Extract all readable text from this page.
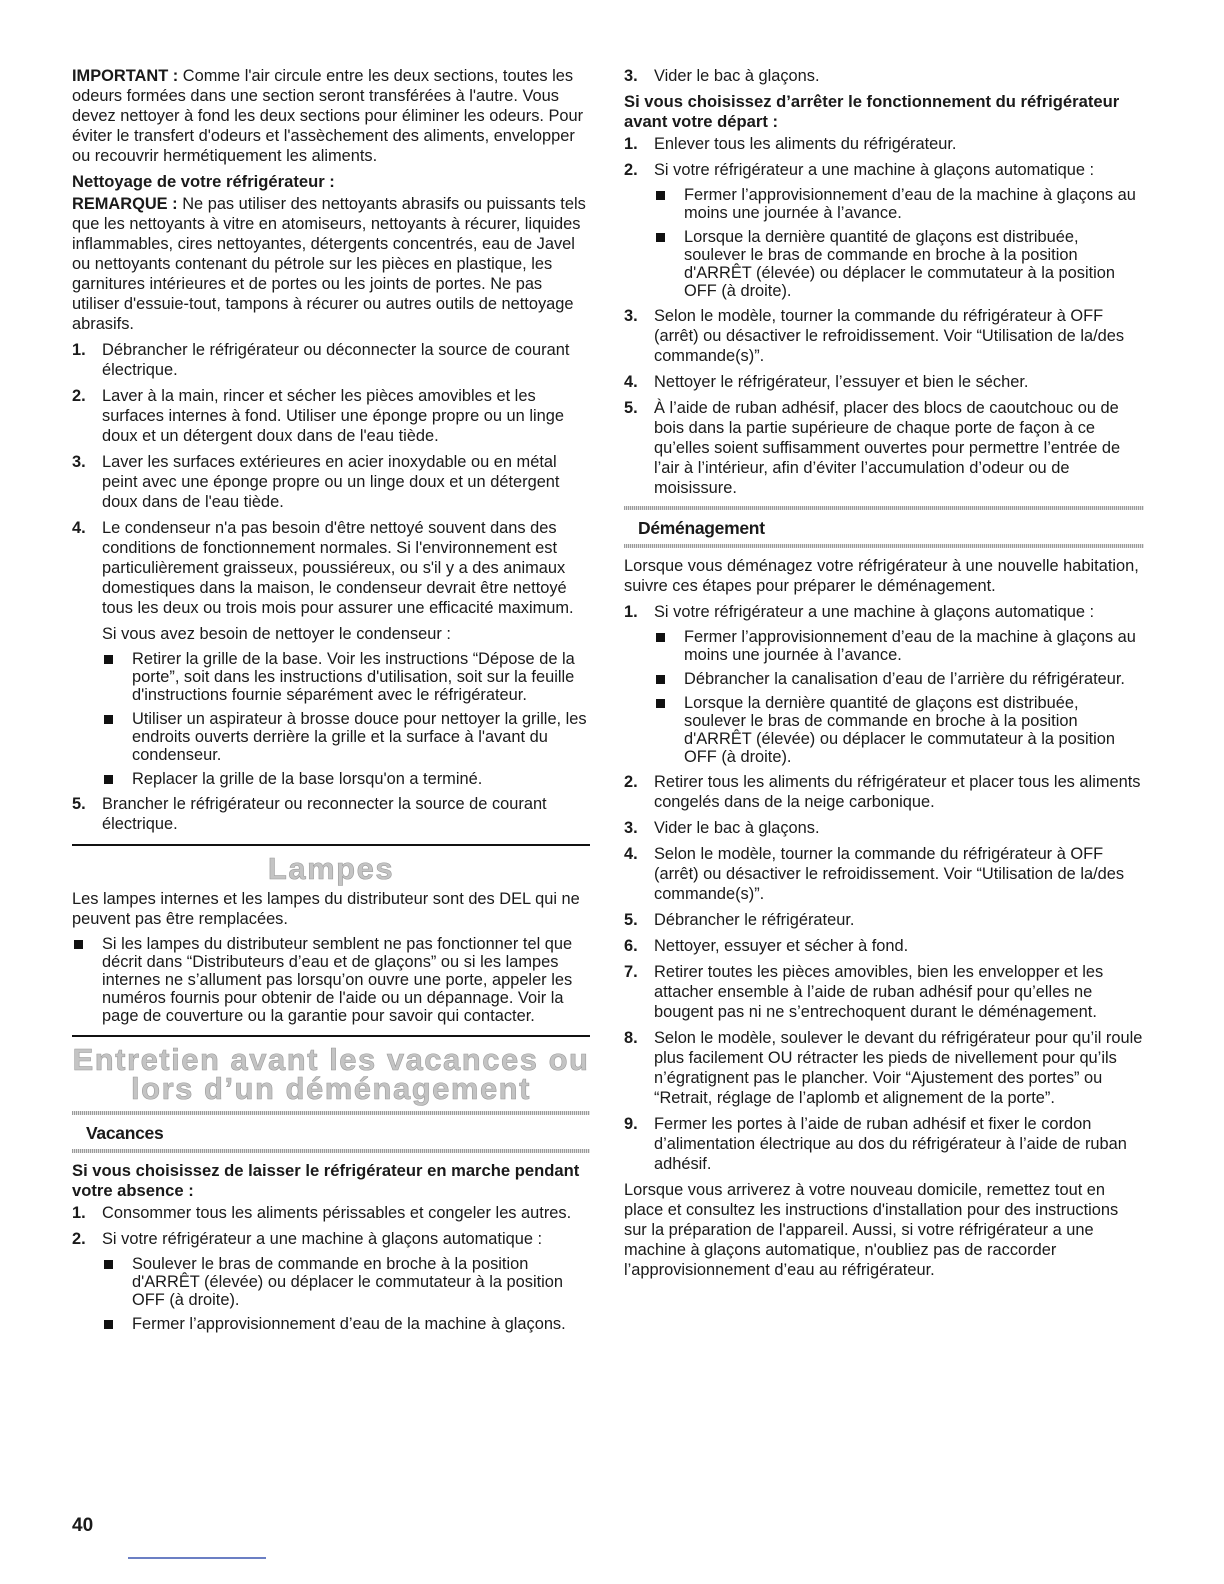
IMPORTANT : Comme l'air circule entre les deux sections, toutes les odeurs formées dans une section seront transférées à l'autre. Vous devez nettoyer à fond les deux sections pour éliminer les odeurs. Pour éviter le transfert d'odeurs et l'assèchement des aliments, envelopper ou recouvrir hermétiquement les aliments.
Nettoyage de votre réfrigérateur :
REMARQUE : Ne pas utiliser des nettoyants abrasifs ou puissants tels que les nettoyants à vitre en atomiseurs, nettoyants à récurer, liquides inflammables, cires nettoyantes, détergents concentrés, eau de Javel ou nettoyants contenant du pétrole sur les pièces en plastique, les garnitures intérieures et de portes ou les joints de portes. Ne pas utiliser d'essuie-tout, tampons à récurer ou autres outils de nettoyage abrasifs.
1. Débrancher le réfrigérateur ou déconnecter la source de courant électrique.
2. Laver à la main, rincer et sécher les pièces amovibles et les surfaces internes à fond. Utiliser une éponge propre ou un linge doux et un détergent doux dans de l'eau tiède.
3. Laver les surfaces extérieures en acier inoxydable ou en métal peint avec une éponge propre ou un linge doux et un détergent doux dans de l'eau tiède.
4. Le condenseur n'a pas besoin d'être nettoyé souvent dans des conditions de fonctionnement normales. Si l'environnement est particulièrement graisseux, poussiéreux, ou s'il y a des animaux domestiques dans la maison, le condenseur devrait être nettoyé tous les deux ou trois mois pour assurer une efficacité maximum.
Si vous avez besoin de nettoyer le condenseur :
Retirer la grille de la base. Voir les instructions “Dépose de la porte”, soit dans les instructions d'utilisation, soit sur la feuille d'instructions fournie séparément avec le réfrigérateur.
Utiliser un aspirateur à brosse douce pour nettoyer la grille, les endroits ouverts derrière la grille et la surface à l'avant du condenseur.
Replacer la grille de la base lorsqu'on a terminé.
5. Brancher le réfrigérateur ou reconnecter la source de courant électrique.
Lampes
Les lampes internes et les lampes du distributeur sont des DEL qui ne peuvent pas être remplacées.
Si les lampes du distributeur semblent ne pas fonctionner tel que décrit dans “Distributeurs d’eau et de glaçons” ou si les lampes internes ne s’allument pas lorsqu’on ouvre une porte, appeler les numéros fournis pour obtenir de l'aide ou un dépannage. Voir la page de couverture ou la garantie pour savoir qui contacter.
Entretien avant les vacances ou lors d’un déménagement
Vacances
Si vous choisissez de laisser le réfrigérateur en marche pendant votre absence :
1. Consommer tous les aliments périssables et congeler les autres.
2. Si votre réfrigérateur a une machine à glaçons automatique :
Soulever le bras de commande en broche à la position d'ARRÊT (élevée) ou déplacer le commutateur à la position OFF (à droite).
Fermer l’approvisionnement d’eau de la machine à glaçons.
3. Vider le bac à glaçons.
Si vous choisissez d’arrêter le fonctionnement du réfrigérateur avant votre départ :
1. Enlever tous les aliments du réfrigérateur.
2. Si votre réfrigérateur a une machine à glaçons automatique :
Fermer l’approvisionnement d’eau de la machine à glaçons au moins une journée à l’avance.
Lorsque la dernière quantité de glaçons est distribuée, soulever le bras de commande en broche à la position d'ARRÊT (élevée) ou déplacer le commutateur à la position OFF (à droite).
3. Selon le modèle, tourner la commande du réfrigérateur à OFF (arrêt) ou désactiver le refroidissement. Voir “Utilisation de la/des commande(s)”.
4. Nettoyer le réfrigérateur, l’essuyer et bien le sécher.
5. À l’aide de ruban adhésif, placer des blocs de caoutchouc ou de bois dans la partie supérieure de chaque porte de façon à ce qu’elles soient suffisamment ouvertes pour permettre l’entrée de l’air à l’intérieur, afin d’éviter l’accumulation d’odeur ou de moisissure.
Déménagement
Lorsque vous déménagez votre réfrigérateur à une nouvelle habitation, suivre ces étapes pour préparer le déménagement.
1. Si votre réfrigérateur a une machine à glaçons automatique :
Fermer l’approvisionnement d’eau de la machine à glaçons au moins une journée à l’avance.
Débrancher la canalisation d’eau de l’arrière du réfrigérateur.
Lorsque la dernière quantité de glaçons est distribuée, soulever le bras de commande en broche à la position d'ARRÊT (élevée) ou déplacer le commutateur à la position OFF (à droite).
2. Retirer tous les aliments du réfrigérateur et placer tous les aliments congelés dans de la neige carbonique.
3. Vider le bac à glaçons.
4. Selon le modèle, tourner la commande du réfrigérateur à OFF (arrêt) ou désactiver le refroidissement. Voir “Utilisation de la/des commande(s)”.
5. Débrancher le réfrigérateur.
6. Nettoyer, essuyer et sécher à fond.
7. Retirer toutes les pièces amovibles, bien les envelopper et les attacher ensemble à l’aide de ruban adhésif pour qu’elles ne bougent pas ni ne s’entrechoquent durant le déménagement.
8. Selon le modèle, soulever le devant du réfrigérateur pour qu’il roule plus facilement OU rétracter les pieds de nivellement pour qu’ils n’égratignent pas le plancher. Voir “Ajustement des portes” ou “Retrait, réglage de l’aplomb et alignement de la porte”.
9. Fermer les portes à l’aide de ruban adhésif et fixer le cordon d’alimentation électrique au dos du réfrigérateur à l’aide de ruban adhésif.
Lorsque vous arriverez à votre nouveau domicile, remettez tout en place et consultez les instructions d'installation pour des instructions sur la préparation de l'appareil. Aussi, si votre réfrigérateur a une machine à glaçons automatique, n'oubliez pas de raccorder l’approvisionnement d’eau au réfrigérateur.
40
